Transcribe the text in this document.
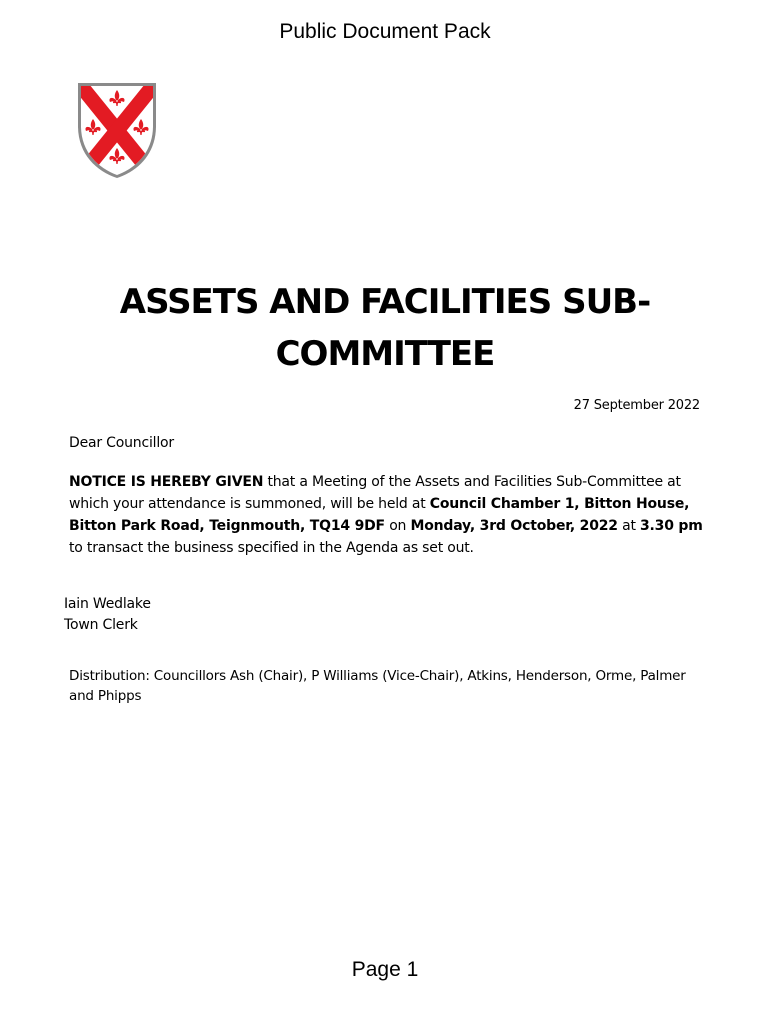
Public Document Pack
ASSETS AND FACILITIES SUB-
COMMITTEE
27 September 2022
Dear Councillor
NOTICE IS HEREBY GIVEN that a Meeting of the Assets and Facilities Sub-Committee at which your attendance is summoned, will be held at Council Chamber 1, Bitton House, Bitton Park Road, Teignmouth, TQ14 9DF on Monday, 3rd October, 2022 at 3.30 pm to transact the business specified in the Agenda as set out.
Iain Wedlake
Town Clerk
Distribution: Councillors Ash (Chair), P Williams (Vice-Chair), Atkins, Henderson, Orme, Palmer and Phipps
Page 1
